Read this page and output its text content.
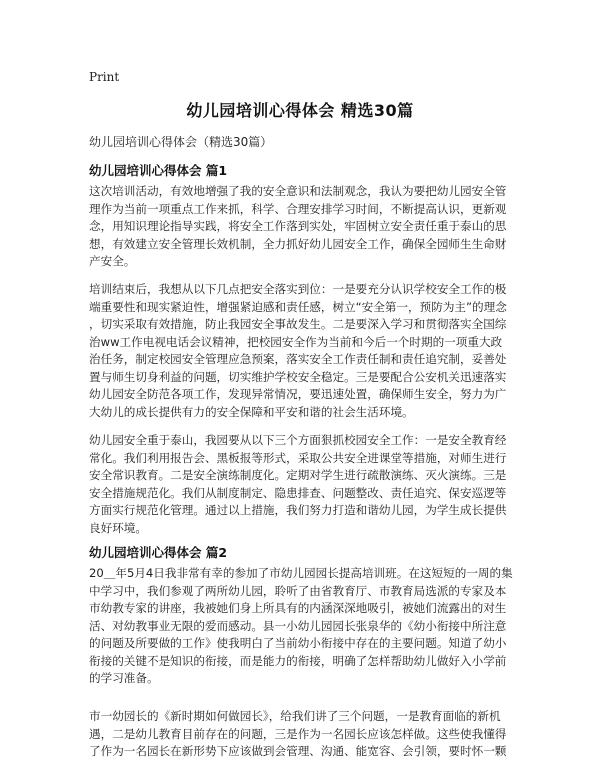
Print
幼儿园培训心得体会 精选30篇
幼儿园培训心得体会（精选30篇）
幼儿园培训心得体会 篇1
这次培训活动，有效地增强了我的安全意识和法制观念，我认为要把幼儿园安全管
理作为当前一项重点工作来抓，科学、合理安排学习时间，不断提高认识，更新观
念，用知识理论指导实践，将安全工作落到实处，牢固树立安全责任重于泰山的思
想，有效建立安全管理长效机制，全力抓好幼儿园安全工作，确保全园师生生命财
产安全。
培训结束后，我想从以下几点把安全落实到位：一是要充分认识学校安全工作的极
端重要性和现实紧迫性，增强紧迫感和责任感，树立“安全第一，预防为主”的理念
，切实采取有效措施，防止我园安全事故发生。二是要深入学习和贯彻落实全国综
治ww工作电视电话会议精神，把校园安全作为当前和今后一个时期的一项重大政
治任务，制定校园安全管理应急预案，落实安全工作责任制和责任追究制，妥善处
置与师生切身利益的问题，切实维护学校安全稳定。三是要配合公安机关迅速落实
幼儿园安全防范各项工作，发现异常情况，要迅速处置，确保师生安全，努力为广
大幼儿的成长提供有力的安全保障和平安和谐的社会生活环境。
幼儿园安全重于泰山，我园要从以下三个方面狠抓校园安全工作：一是安全教育经
常化。我们利用报告会、黑板报等形式，采取公共安全进课堂等措施，对师生进行
安全常识教育。二是安全演练制度化。定期对学生进行疏散演练、灭火演练。三是
安全措施规范化。我们从制度制定、隐患排查、问题整改、责任追究、保安巡逻等
方面实行规范化管理。通过以上措施，我们努力打造和谐幼儿园，为学生成长提供
良好环境。
幼儿园培训心得体会 篇2
20＿年5月4日我非常有幸的参加了市幼儿园园长提高培训班。在这短短的一周的集
中学习中，我们参观了两所幼儿园，聆听了由省教育厅、市教育局选派的专家及本
市幼教专家的讲座，我被她们身上所具有的内涵深深地吸引，被她们流露出的对生
活、对幼教事业无限的爱而感动。县一小幼儿园园长张泉华的《幼小衔接中所注意
的问题及所要做的工作》使我明白了当前幼小衔接中存在的主要问题。知道了幼小
衔接的关键不是知识的衔接，而是能力的衔接，明确了怎样帮助幼儿做好入小学前
的学习准备。
市一幼园长的《新时期如何做园长》，给我们讲了三个问题，一是教育面临的新机
遇，二是幼儿教育目前存在的问题，三是作为一名园长应该怎样做。这些使我懂得
了作为一名园长在新形势下应该做到会管理、沟通、能宽容、会引领，要时怀一颗
